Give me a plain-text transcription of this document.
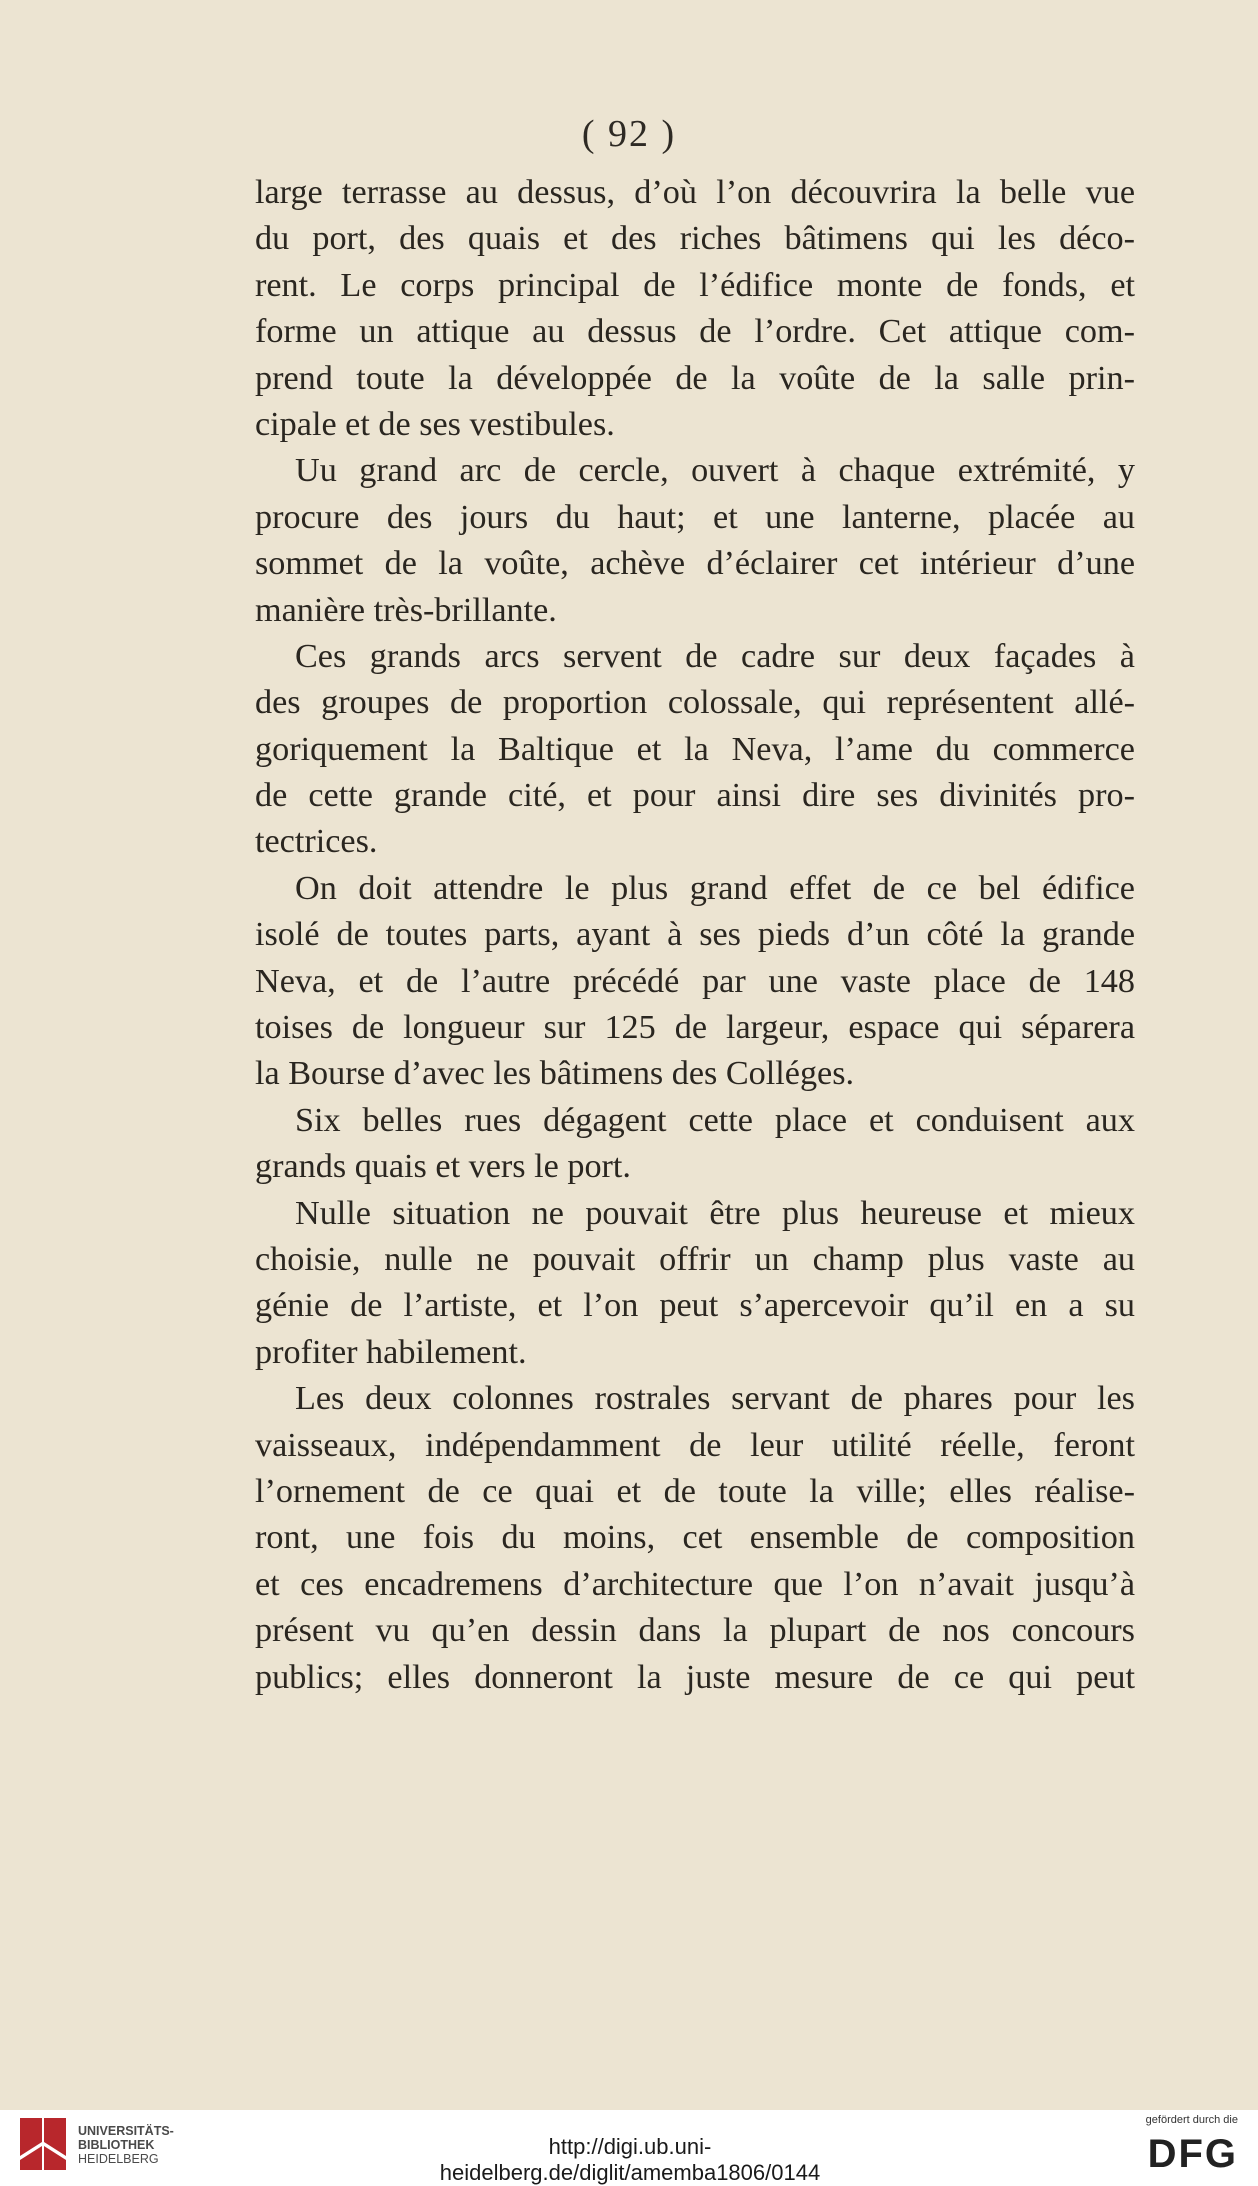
( 92 )
large terrasse au dessus, d’où l’on découvrira la belle vue
du port, des quais et des riches bâtimens qui les déco-
rent. Le corps principal de l’édifice monte de fonds, et
forme un attique au dessus de l’ordre. Cet attique com-
prend toute la développée de la voûte de la salle prin-
cipale et de ses vestibules.
Uu grand arc de cercle, ouvert à chaque extrémité, y
procure des jours du haut; et une lanterne, placée au
sommet de la voûte, achève d’éclairer cet intérieur d’une
manière très-brillante.
Ces grands arcs servent de cadre sur deux façades à
des groupes de proportion colossale, qui représentent allé-
goriquement la Baltique et la Neva, l’ame du commerce
de cette grande cité, et pour ainsi dire ses divinités pro-
tectrices.
On doit attendre le plus grand effet de ce bel édifice
isolé de toutes parts, ayant à ses pieds d’un côté la grande
Neva, et de l’autre précédé par une vaste place de 148
toises de longueur sur 125 de largeur, espace qui séparera
la Bourse d’avec les bâtimens des Colléges.
Six belles rues dégagent cette place et conduisent aux
grands quais et vers le port.
Nulle situation ne pouvait être plus heureuse et mieux
choisie, nulle ne pouvait offrir un champ plus vaste au
génie de l’artiste, et l’on peut s’apercevoir qu’il en a su
profiter habilement.
Les deux colonnes rostrales servant de phares pour les
vaisseaux, indépendamment de leur utilité réelle, feront
l’ornement de ce quai et de toute la ville; elles réalise-
ront, une fois du moins, cet ensemble de composition
et ces encadremens d’architecture que l’on n’avait jusqu’à
présent vu qu’en dessin dans la plupart de nos concours
publics; elles donneront la juste mesure de ce qui peut
UNIVERSITÄTS-
BIBLIOTHEK
HEIDELBERG	http://digi.ub.uni-heidelberg.de/diglit/amemba1806/0144
gefördert durch die
DFG
